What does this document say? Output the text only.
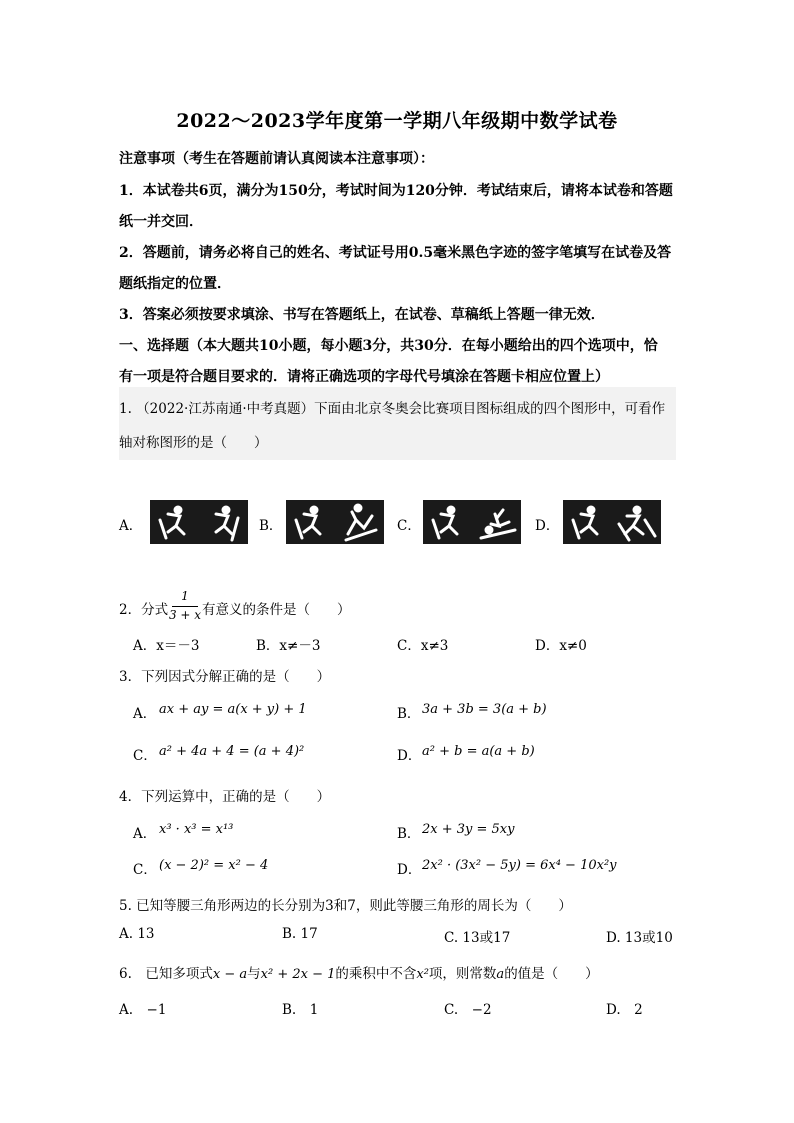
2022～2023学年度第一学期八年级期中数学试卷
注意事项（考生在答题前请认真阅读本注意事项）：
1．本试卷共6页，满分为150分，考试时间为120分钟．考试结束后，请将本试卷和答题
纸一并交回．
2．答题前，请务必将自己的姓名、考试证号用0.5毫米黑色字迹的签字笔填写在试卷及答
题纸指定的位置．
3．答案必须按要求填涂、书写在答题纸上，在试卷、草稿纸上答题一律无效．
一、选择题（本大题共10小题，每小题3分，共30分．在每小题给出的四个选项中，恰
有一项是符合题目要求的．请将正确选项的字母代号填涂在答题卡相应位置上）
1. （2022·江苏南通·中考真题）下面由北京冬奥会比赛项目图标组成的四个图形中，可看作
轴对称图形的是（　　）
A．	B．	C．	D．
2．分式
1
3 + x 有意义的条件是（　　）
A．x＝－3	B．x≠－3	C．x≠3	D．x≠0
3．下列因式分解正确的是（　　）
A． ax + ay = a(x + y) + 1	B． 3a + 3b = 3(a + b)
C． a² + 4a + 4 = (a + 4)²	D． a² + b = a(a + b)
4．下列运算中，正确的是（　　）
A． x³ · x³ = x¹³	B． 2x + 3y = 5xy
C． (x − 2)² = x² − 4	D． 2x² · (3x² − 5y) = 6x⁴ − 10x²y
5. 已知等腰三角形两边的长分别为3和7，则此等腰三角形的周长为（　　）
A. 13	B. 17	C. 13或17	D. 13或10
6.　已知多项式x − a与x² + 2x − 1的乘积中不含x²项，则常数a的值是（　　）
A.　−1	B.　1	C.　−2	D.　2
